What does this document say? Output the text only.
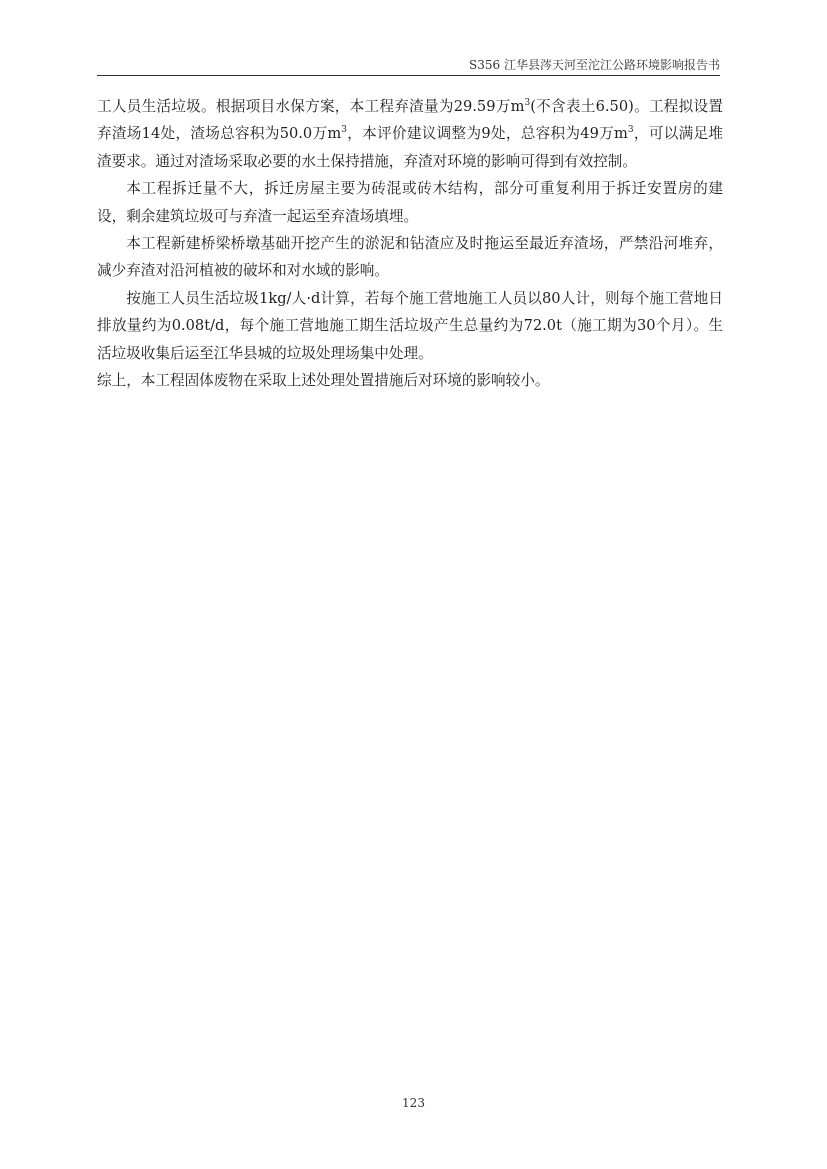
S356 江华县涔天河至沱江公路环境影响报告书

工人员生活垃圾。根据项目水保方案，本工程弃渣量为29.59万$m^3$(不含表土6.50)。工程拟设置弃渣场14处，渣场总容积为50.0万$m^3$，本评价建议调整为9处，总容积为49万$m^3$，可以满足堆渣要求。通过对渣场采取必要的水土保持措施，弃渣对环境的影响可得到有效控制。

本工程拆迁量不大，拆迁房屋主要为砖混或砖木结构，部分可重复利用于拆迁安置房的建设，剩余建筑垃圾可与弃渣一起运至弃渣场填埋。

本工程新建桥梁桥墩基础开挖产生的淤泥和钻渣应及时拖运至最近弃渣场，严禁沿河堆弃，减少弃渣对沿河植被的破坏和对水域的影响。

按施工人员生活垃圾1kg/人·d计算，若每个施工营地施工人员以80人计，则每个施工营地日排放量约为0.08t/d，每个施工营地施工期生活垃圾产生总量约为72.0t（施工期为30个月）。生活垃圾收集后运至江华县城的垃圾处理场集中处理。

综上，本工程固体废物在采取上述处理处置措施后对环境的影响较小。

123
